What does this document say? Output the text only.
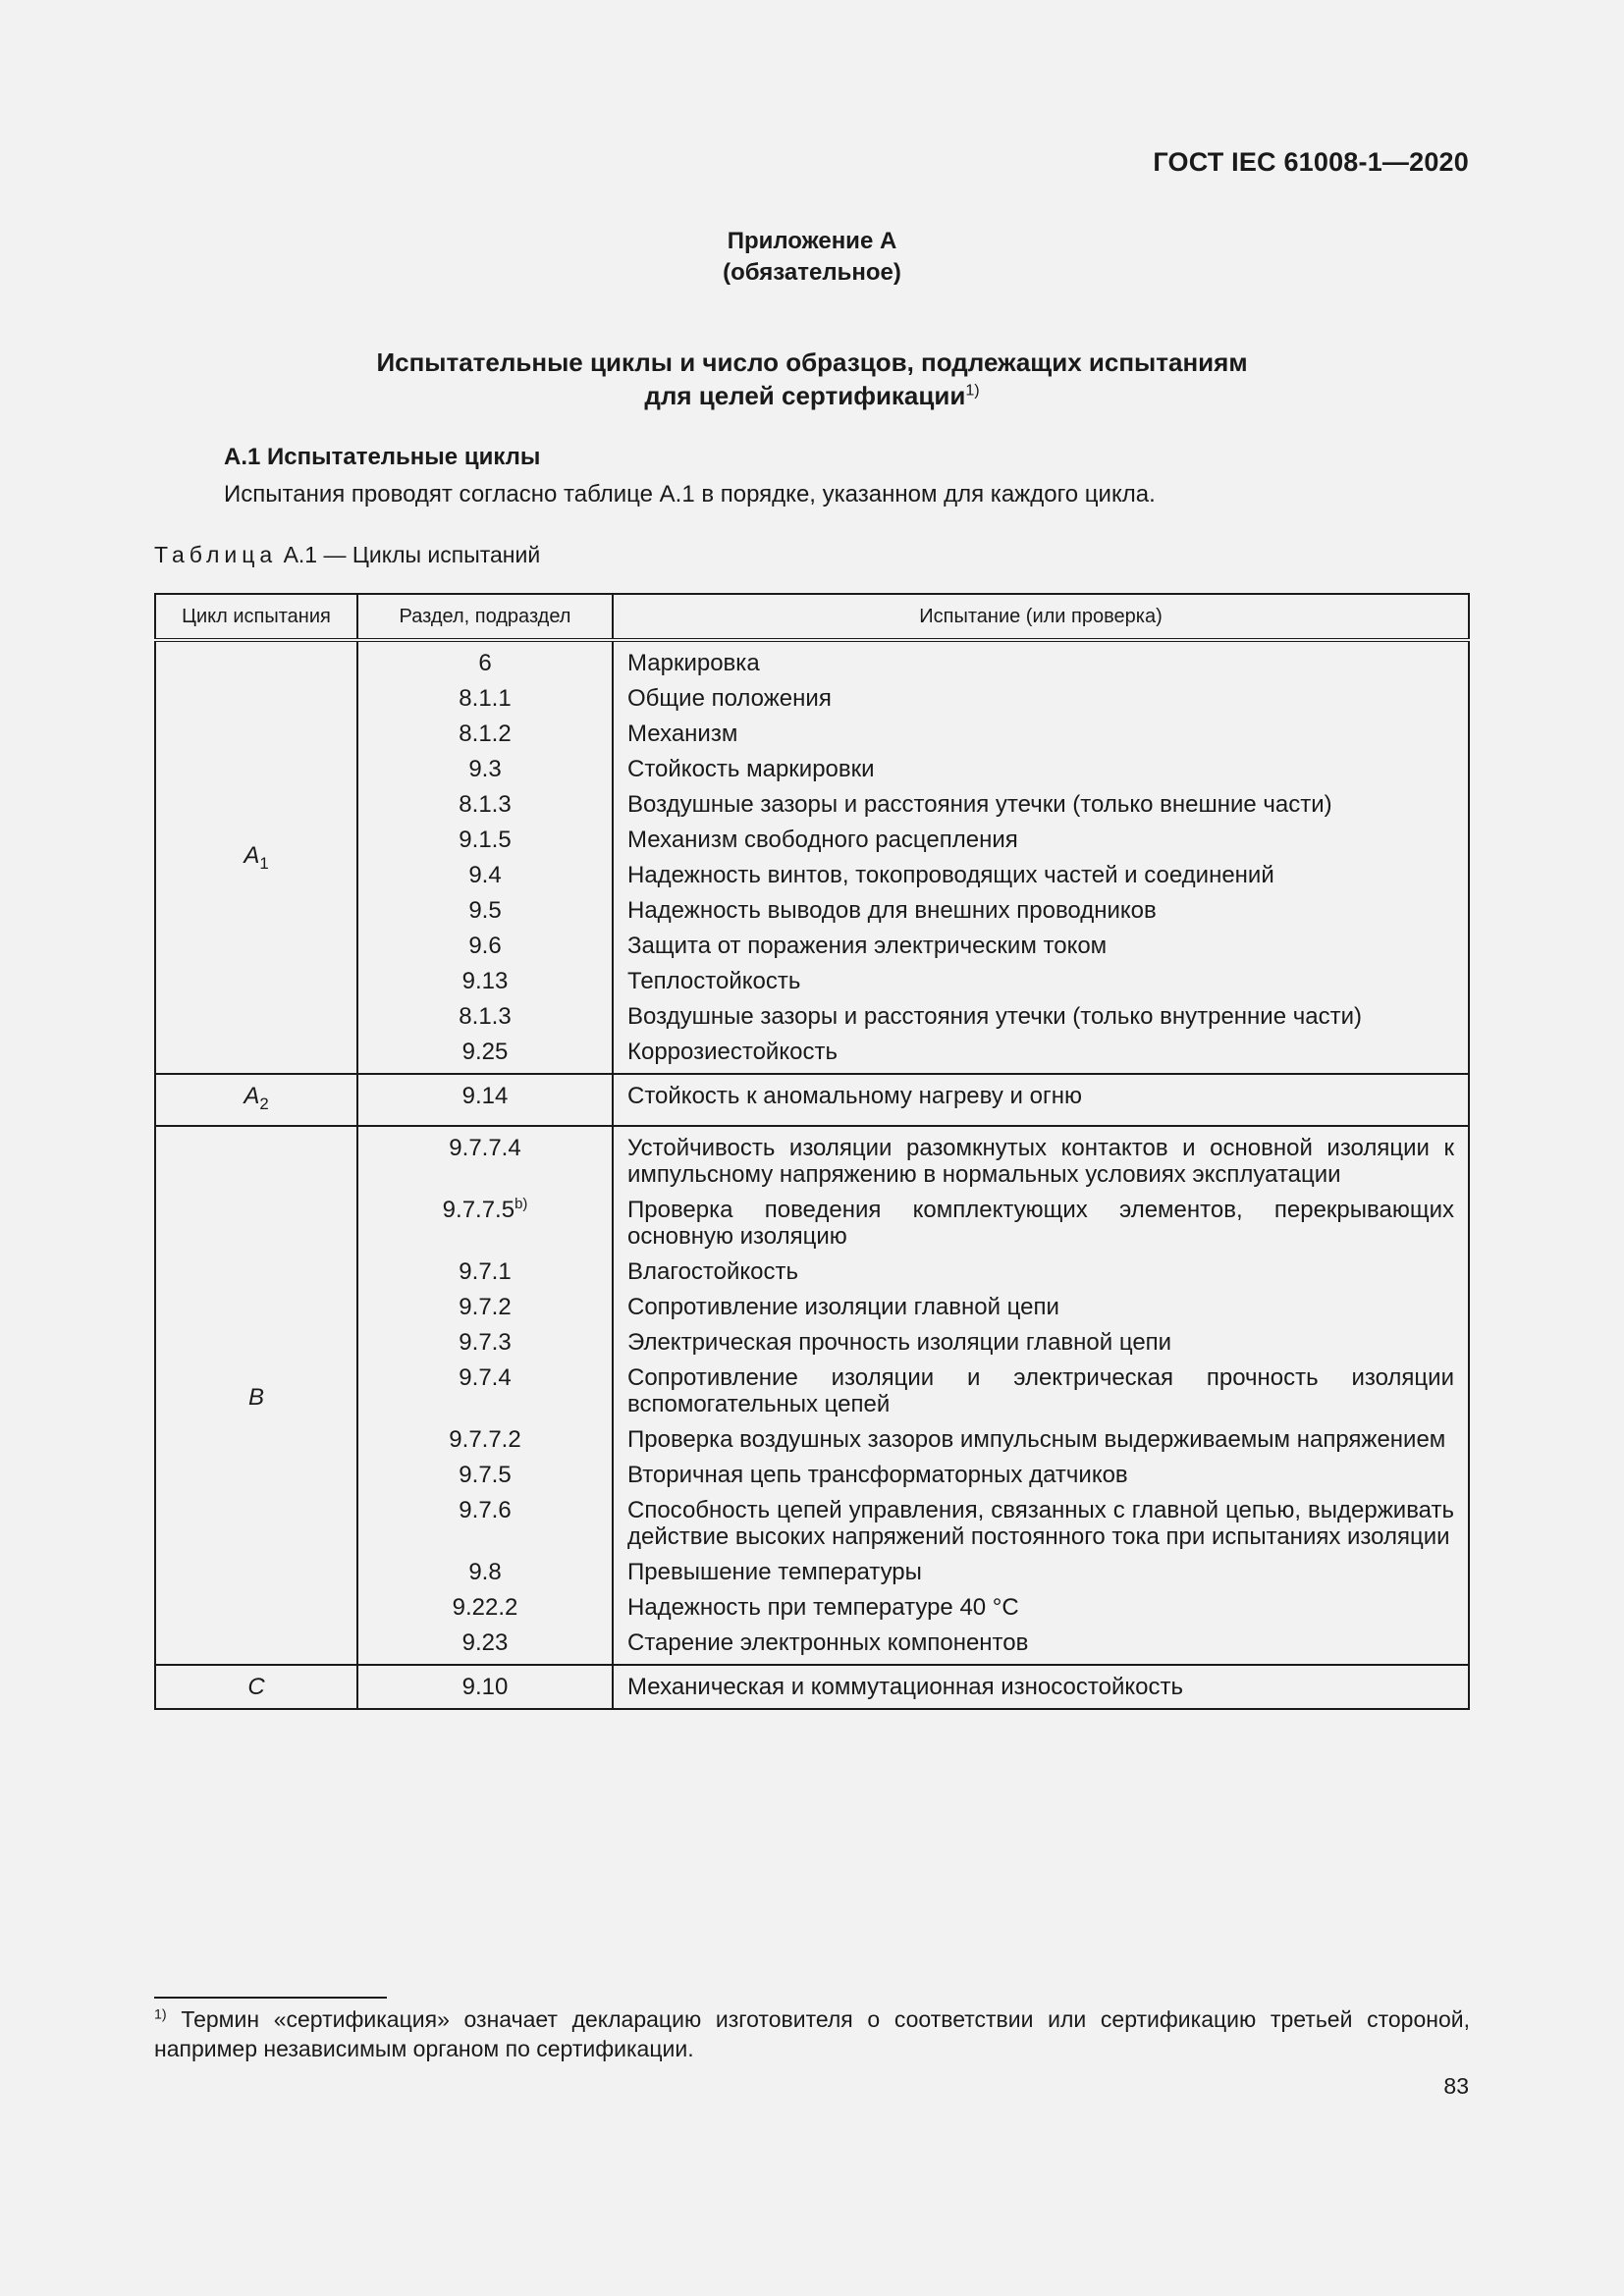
ГОСТ IEC 61008-1—2020
Приложение А
(обязательное)
Испытательные циклы и число образцов, подлежащих испытаниям
для целей сертификации$^{1)}$
А.1 Испытательные циклы
Испытания проводят согласно таблице А.1 в порядке, указанном для каждого цикла.
Таблица А.1 — Циклы испытаний
Цикл испытания	Раздел, подраздел	Испытание (или проверка)
$A_1$	6	Маркировка
	8.1.1	Общие положения
	8.1.2	Механизм
	9.3	Стойкость маркировки
	8.1.3	Воздушные зазоры и расстояния утечки (только внешние части)
	9.1.5	Механизм свободного расцепления
	9.4	Надежность винтов, токопроводящих частей и соединений
	9.5	Надежность выводов для внешних проводников
	9.6	Защита от поражения электрическим током
	9.13	Теплостойкость
	8.1.3	Воздушные зазоры и расстояния утечки (только внутренние части)
	9.25	Коррозиестойкость
$A_2$	9.14	Стойкость к аномальному нагреву и огню
B	9.7.7.4	Устойчивость изоляции разомкнутых контактов и основной изоляции к импульсному напряжению в нормальных условиях эксплуатации
	9.7.7.5$^{b)}$	Проверка поведения комплектующих элементов, перекрывающих основную изоляцию
	9.7.1	Влагостойкость
	9.7.2	Сопротивление изоляции главной цепи
	9.7.3	Электрическая прочность изоляции главной цепи
	9.7.4	Сопротивление изоляции и электрическая прочность изоляции вспомогательных цепей
	9.7.7.2	Проверка воздушных зазоров импульсным выдерживаемым напряжением
	9.7.5	Вторичная цепь трансформаторных датчиков
	9.7.6	Способность цепей управления, связанных с главной цепью, выдерживать действие высоких напряжений постоянного тока при испытаниях изоляции
	9.8	Превышение температуры
	9.22.2	Надежность при температуре 40 °C
	9.23	Старение электронных компонентов
C	9.10	Механическая и коммутационная износостойкость
$^{1)}$ Термин «сертификация» означает декларацию изготовителя о соответствии или сертификацию третьей стороной, например независимым органом по сертификации.
83
